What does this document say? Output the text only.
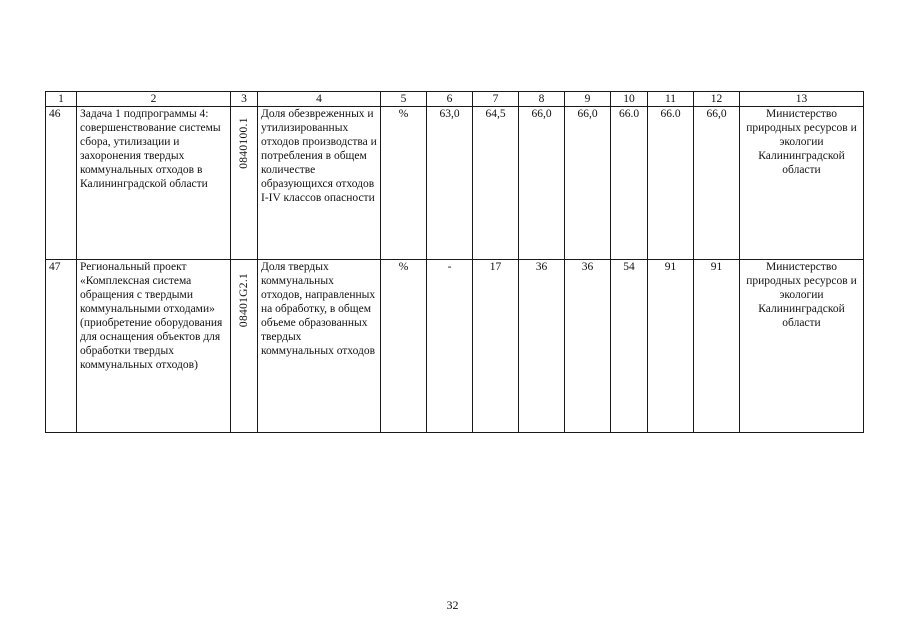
1	2	3	4	5	6	7	8	9	10	11	12	13
46	Задача 1 подпрограммы 4: совершенствование системы сбора, утилизации и захоронения твердых коммунальных отходов в Калининградской области	0840100.1	Доля обезвреженных и утилизированных отходов производства и потребления в общем количестве образующихся отходов I-IV классов опасности	%	63,0	64,5	66,0	66,0	66.0	66.0	66,0	Министерство природных ресурсов и экологии Калининградской области
47	Региональный проект «Комплексная система обращения с твердыми коммунальными отходами» (приобретение оборудования для оснащения объектов для обработки твердых коммунальных отходов)	08401G2.1	Доля твердых коммунальных отходов, направленных на обработку, в общем объеме образованных твердых коммунальных отходов	%	-	17	36	36	54	91	91	Министерство природных ресурсов и экологии Калининградской области
32
